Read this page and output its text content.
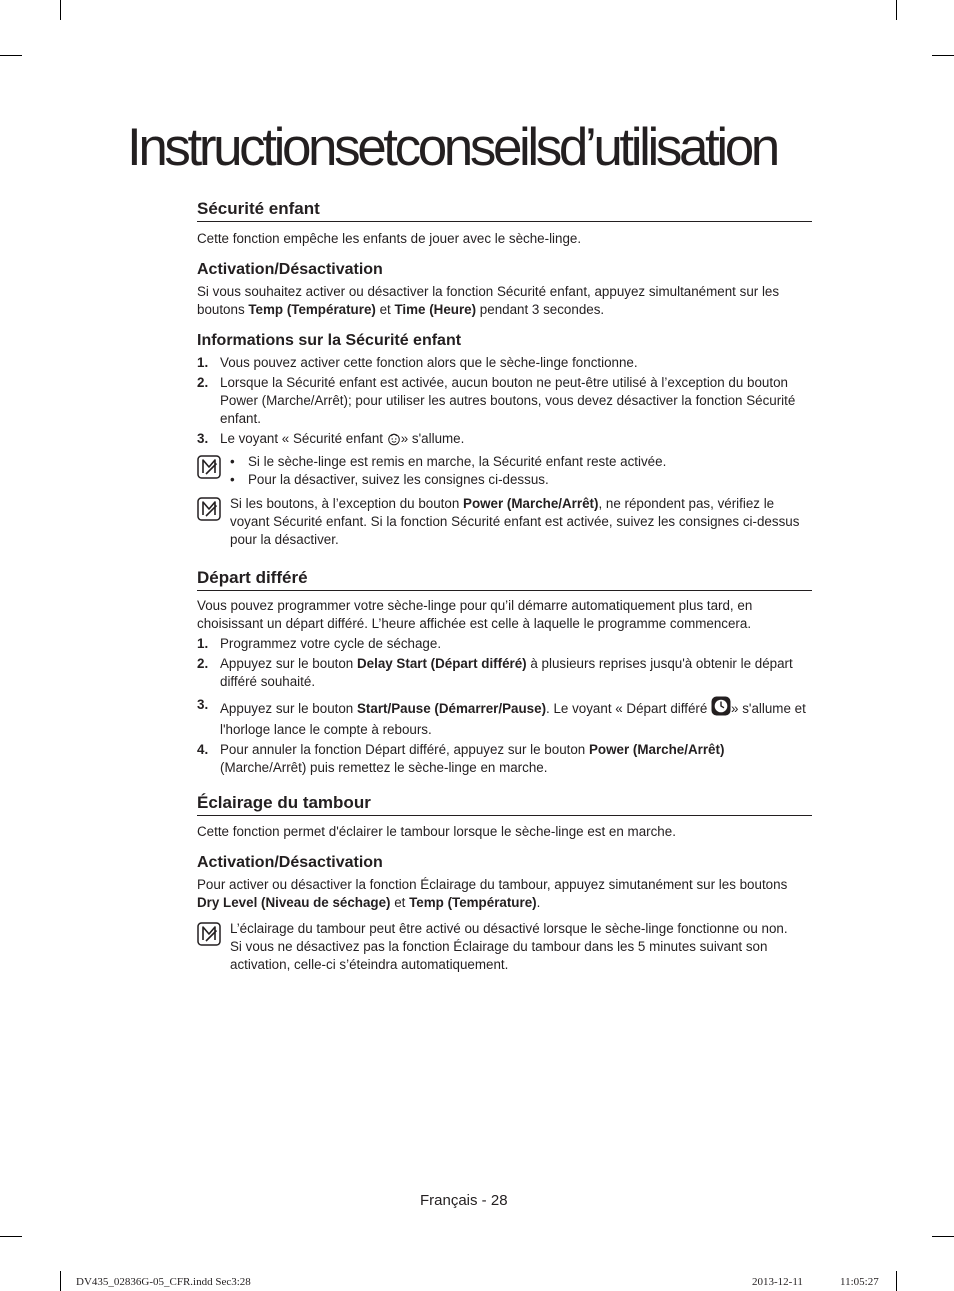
Instructionsetconseilsd’utilisation
Sécurité enfant

Cette fonction empêche les enfants de jouer avec le sèche-linge.

Activation/Désactivation

Si vous souhaitez activer ou désactiver la fonction Sécurité enfant, appuyez simultanément sur les boutons Temp (Température) et Time (Heure) pendant 3 secondes.

Informations sur la Sécurité enfant
1. Vous pouvez activer cette fonction alors que le sèche-linge fonctionne.
2. Lorsque la Sécurité enfant est activée, aucun bouton ne peut-être utilisé à l’exception du bouton Power (Marche/Arrêt); pour utiliser les autres boutons, vous devez désactiver la fonction Sécurité enfant.
3. Le voyant « Sécurité enfant » s'allume.
• Si le sèche-linge est remis en marche, la Sécurité enfant reste activée.
• Pour la désactiver, suivez les consignes ci-dessus.

Si les boutons, à l’exception du bouton Power (Marche/Arrêt), ne répondent pas, vérifiez le voyant Sécurité enfant. Si la fonction Sécurité enfant est activée, suivez les consignes ci-dessus pour la désactiver.

Départ différé

Vous pouvez programmer votre sèche-linge pour qu’il démarre automatiquement plus tard, en choisissant un départ différé. L’heure affichée est celle à laquelle le programme commencera.

1. Programmez votre cycle de séchage.
2. Appuyez sur le bouton Delay Start (Départ différé) à plusieurs reprises jusqu'à obtenir le départ différé souhaité.
3. Appuyez sur le bouton Start/Pause (Démarrer/Pause). Le voyant « Départ différé » s'allume et l'horloge lance le compte à rebours.
4. Pour annuler la fonction Départ différé, appuyez sur le bouton Power (Marche/Arrêt) (Marche/Arrêt) puis remettez le sèche-linge en marche.
Éclairage du tambour

Cette fonction permet d'éclairer le tambour lorsque le sèche-linge est en marche.

Activation/Désactivation

Pour activer ou désactiver la fonction Éclairage du tambour, appuyez simutanément sur les boutons Dry Level (Niveau de séchage) et Temp (Température).

L’éclairage du tambour peut être activé ou désactivé lorsque le sèche-linge fonctionne ou non.

Si vous ne désactivez pas la fonction Éclairage du tambour dans les 5 minutes suivant son activation, celle-ci s’éteindra automatiquement.

Français - 28
DV435_02836G-05_CFR.indd Sec3:28	2013-12-11	11:05:27
